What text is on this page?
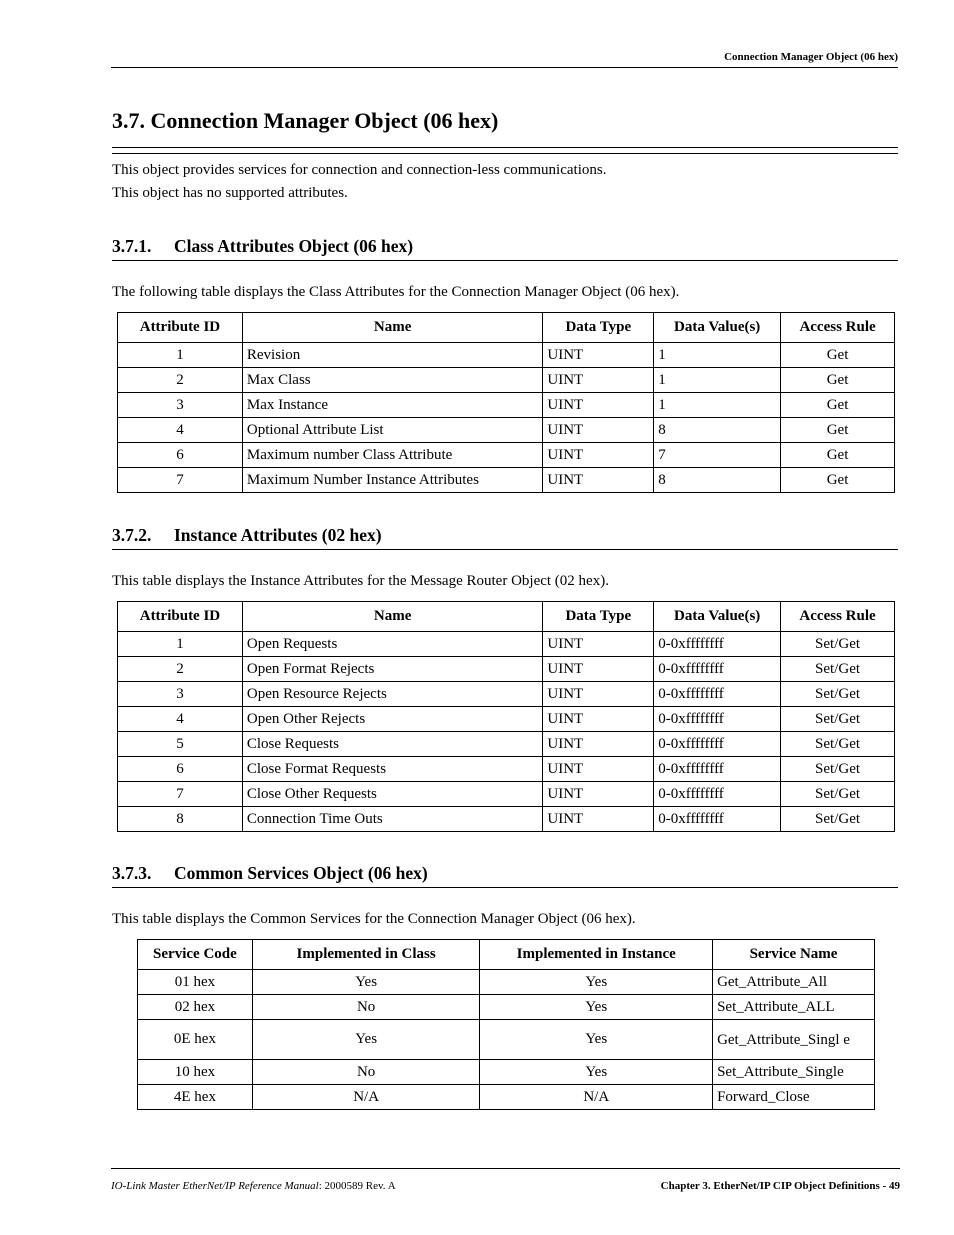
Connection Manager Object (06 hex)
3.7. Connection Manager Object (06 hex)
This object provides services for connection and connection-less communications.
This object has no supported attributes.
3.7.1. Class Attributes Object (06 hex)
The following table displays the Class Attributes for the Connection Manager Object (06 hex).
Attribute ID	Name	Data Type	Data Value(s)	Access Rule
1	Revision	UINT	1	Get
2	Max Class	UINT	1	Get
3	Max Instance	UINT	1	Get
4	Optional Attribute List	UINT	8	Get
6	Maximum number Class Attribute	UINT	7	Get
7	Maximum Number Instance Attributes	UINT	8	Get
3.7.2. Instance Attributes (02 hex)
This table displays the Instance Attributes for the Message Router Object (02 hex).
Attribute ID	Name	Data Type	Data Value(s)	Access Rule
1	Open Requests	UINT	0-0xffffffff	Set/Get
2	Open Format Rejects	UINT	0-0xffffffff	Set/Get
3	Open Resource Rejects	UINT	0-0xffffffff	Set/Get
4	Open Other Rejects	UINT	0-0xffffffff	Set/Get
5	Close Requests	UINT	0-0xffffffff	Set/Get
6	Close Format Requests	UINT	0-0xffffffff	Set/Get
7	Close Other Requests	UINT	0-0xffffffff	Set/Get
8	Connection Time Outs	UINT	0-0xffffffff	Set/Get
3.7.3. Common Services Object (06 hex)
This table displays the Common Services for the Connection Manager Object (06 hex).
Service Code	Implemented in Class	Implemented in Instance	Service Name
01 hex	Yes	Yes	Get_Attribute_All
02 hex	No	Yes	Set_Attribute_ALL
0E hex	Yes	Yes	Get_Attribute_Singl e
10 hex	No	Yes	Set_Attribute_Single
4E hex	N/A	N/A	Forward_Close
IO-Link Master EtherNet/IP Reference Manual: 2000589 Rev. A	Chapter 3. EtherNet/IP CIP Object Definitions - 49
